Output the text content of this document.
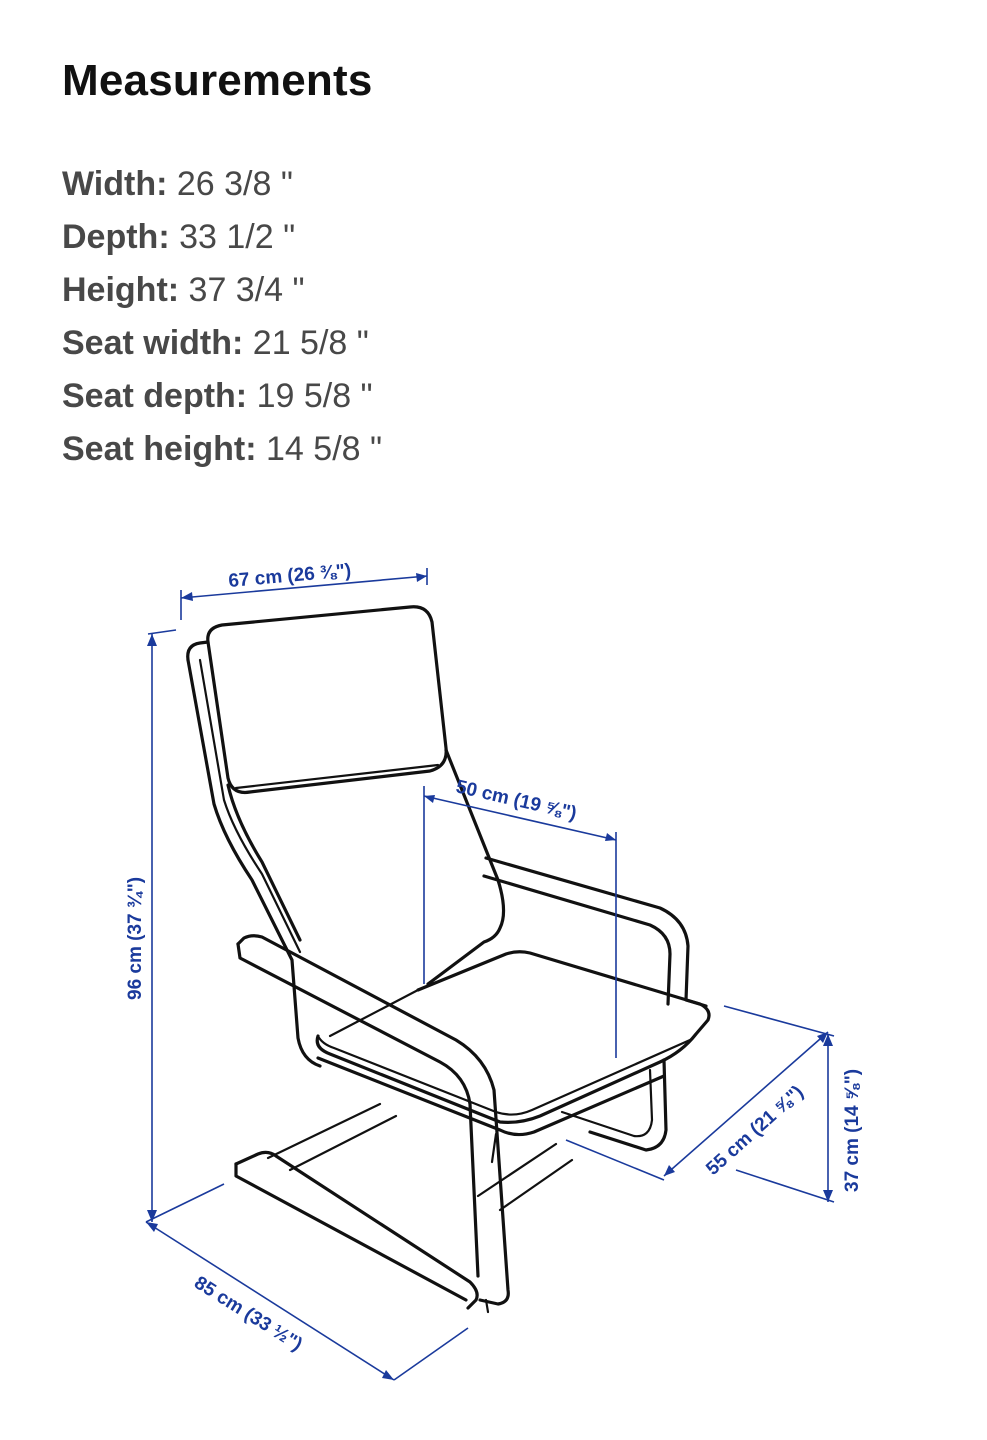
Measurements
Width: 26 3/8 "
Depth: 33 1/2 "
Height: 37 3/4 "
Seat width: 21 5/8 "
Seat depth: 19 5/8 "
Seat height: 14 5/8 "
67 cm (26 ⅜")
50 cm (19 ⅝")
96 cm (37 ¾")
85 cm (33 ½")
55 cm (21 ⅝") 37 cm (14 ⅝")
